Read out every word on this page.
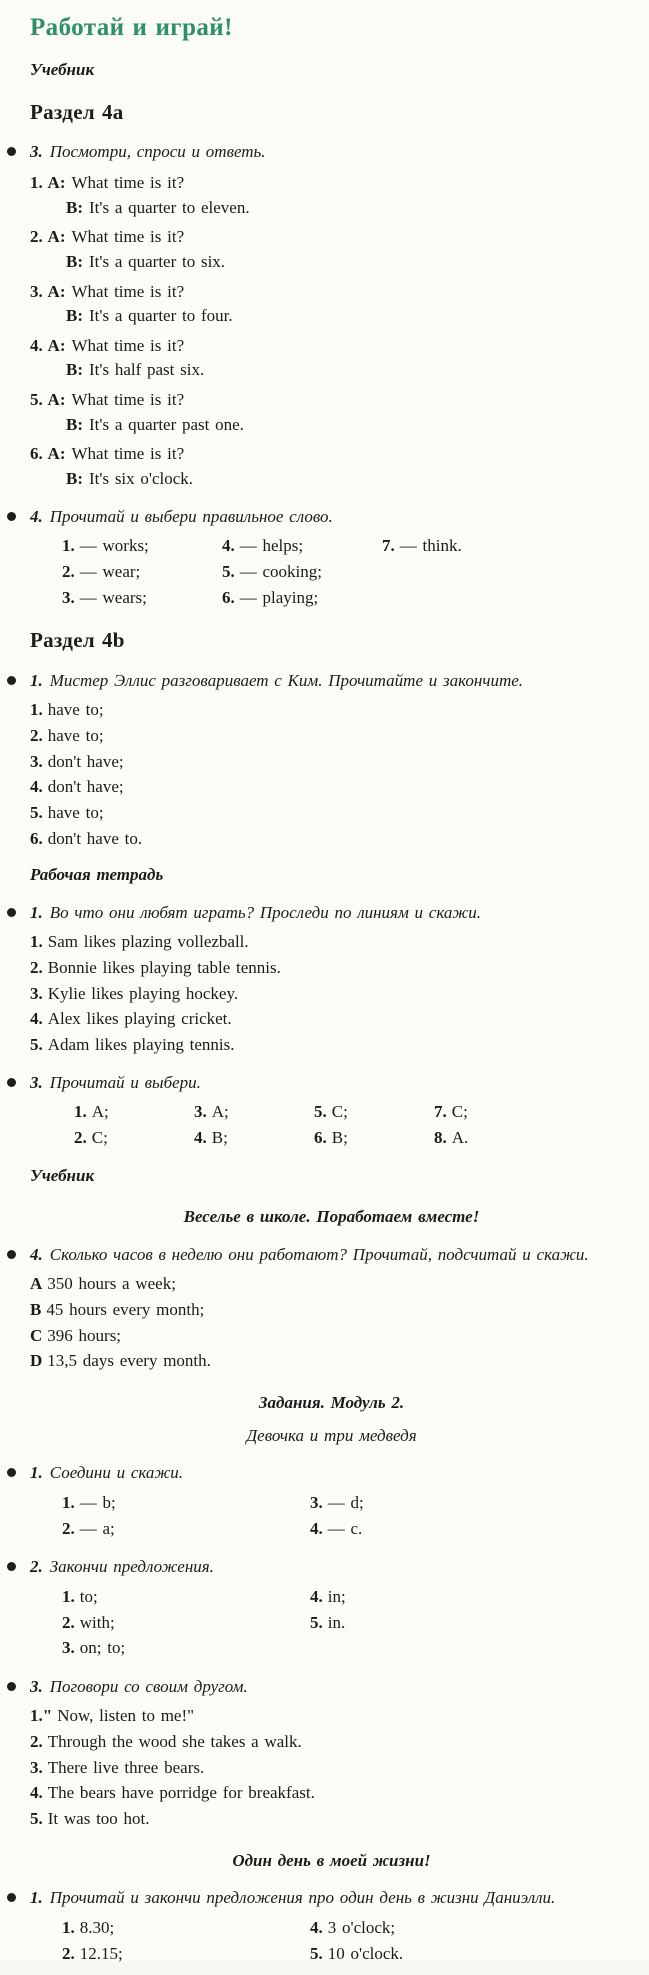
Работай и играй!

Учебник

Раздел 4a

3. Посмотри, спроси и ответь.

1. A: What time is it?

B: It's a quarter to eleven.

2. A: What time is it?

B: It's a quarter to six.

3. A: What time is it?

B: It's a quarter to four.

4. A: What time is it?

B: It's half past six.

5. A: What time is it?

B: It's a quarter past one.

6. A: What time is it?

B: It's six o'clock.

4. Прочитай и выбери правильное слово.

1. — works;

2. — wear;

3. — wears;

4. — helps;

5. — cooking;

6. — playing;

7. — think.

Раздел 4b

1. Мистер Эллис разговаривает с Ким. Прочитайте и закончите.

1. have to;

2. have to;

3. don't have;

4. don't have;

5. have to;

6. don't have to.

Рабочая тетрадь

1. Во что они любят играть? Проследи по линиям и скажи.

1. Sam likes plazing vollezball.

2. Bonnie likes playing table tennis.

3. Kylie likes playing hockey.

4. Alex likes playing cricket.

5. Adam likes playing tennis.

3. Прочитай и выбери.

1. A;

2. C;

3. A;

4. B;

5. C;

6. B;

7. C;

8. A.

Учебник

Веселье в школе. Поработаем вместе!

4. Сколько часов в неделю они работают? Прочитай, подсчитай и скажи.

A 350 hours a week;

B 45 hours every month;

C 396 hours;

D 13,5 days every month.

Задания. Модуль 2.

Девочка и три медведя

1. Соедини и скажи.

1. — b;

2. — a;

3. — d;

4. — c.

2. Закончи предложения.

1. to;

2. with;

3. on; to;

4. in;

5. in.

3. Поговори со своим другом.

1." Now, listen to me!"

2. Through the wood she takes a walk.

3. There live three bears.

4. The bears have porridge for breakfast.

5. It was too hot.

Один день в моей жизни!

1. Прочитай и закончи предложения про один день в жизни Даниэлли.

1. 8.30;

2. 12.15;

4. 3 o'clock;

5. 10 o'clock.
